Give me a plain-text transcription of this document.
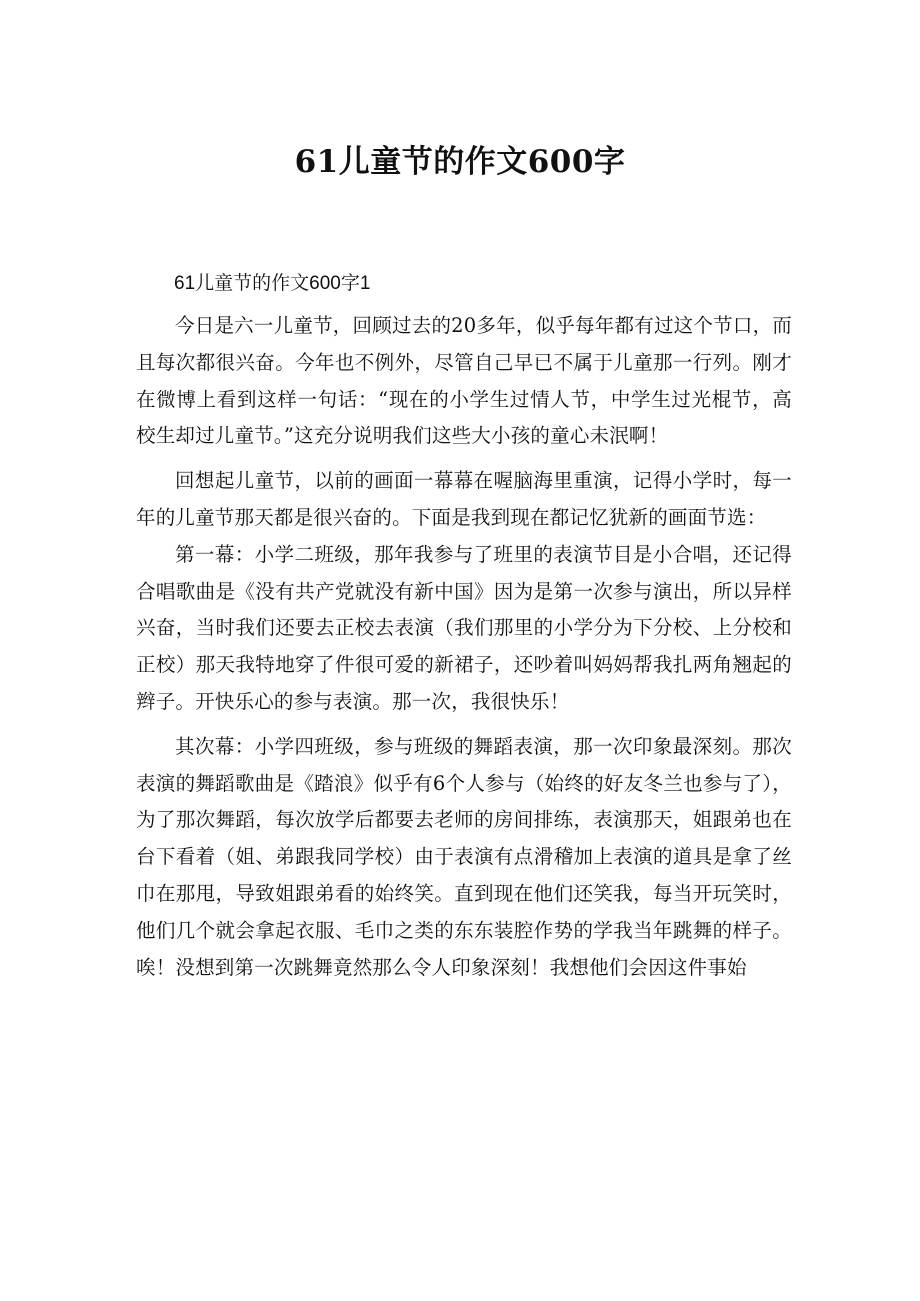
61儿童节的作文600字

61儿童节的作文600字1

今日是六一儿童节，回顾过去的20多年，似乎每年都有过这个节口，而且每次都很兴奋。今年也不例外，尽管自己早已不属于儿童那一行列。刚才在微博上看到这样一句话：“现在的小学生过情人节，中学生过光棍节，高校生却过儿童节。”这充分说明我们这些大小孩的童心未泯啊！

回想起儿童节，以前的画面一幕幕在喔脑海里重演，记得小学时，每一年的儿童节那天都是很兴奋的。下面是我到现在都记忆犹新的画面节选：

第一幕：小学二班级，那年我参与了班里的表演节目是小合唱，还记得合唱歌曲是《没有共产党就没有新中国》因为是第一次参与演出，所以异样兴奋，当时我们还要去正校去表演（我们那里的小学分为下分校、上分校和正校）那天我特地穿了件很可爱的新裙子，还吵着叫妈妈帮我扎两角翘起的辫子。开快乐心的参与表演。那一次，我很快乐！

其次幕：小学四班级，参与班级的舞蹈表演，那一次印象最深刻。那次表演的舞蹈歌曲是《踏浪》似乎有6个人参与（始终的好友冬兰也参与了），为了那次舞蹈，每次放学后都要去老师的房间排练，表演那天，姐跟弟也在台下看着（姐、弟跟我同学校）由于表演有点滑稽加上表演的道具是拿了丝巾在那甩，导致姐跟弟看的始终笑。直到现在他们还笑我，每当开玩笑时，他们几个就会拿起衣服、毛巾之类的东东装腔作势的学我当年跳舞的样子。唉！没想到第一次跳舞竟然那么令人印象深刻！我想他们会因这件事始
